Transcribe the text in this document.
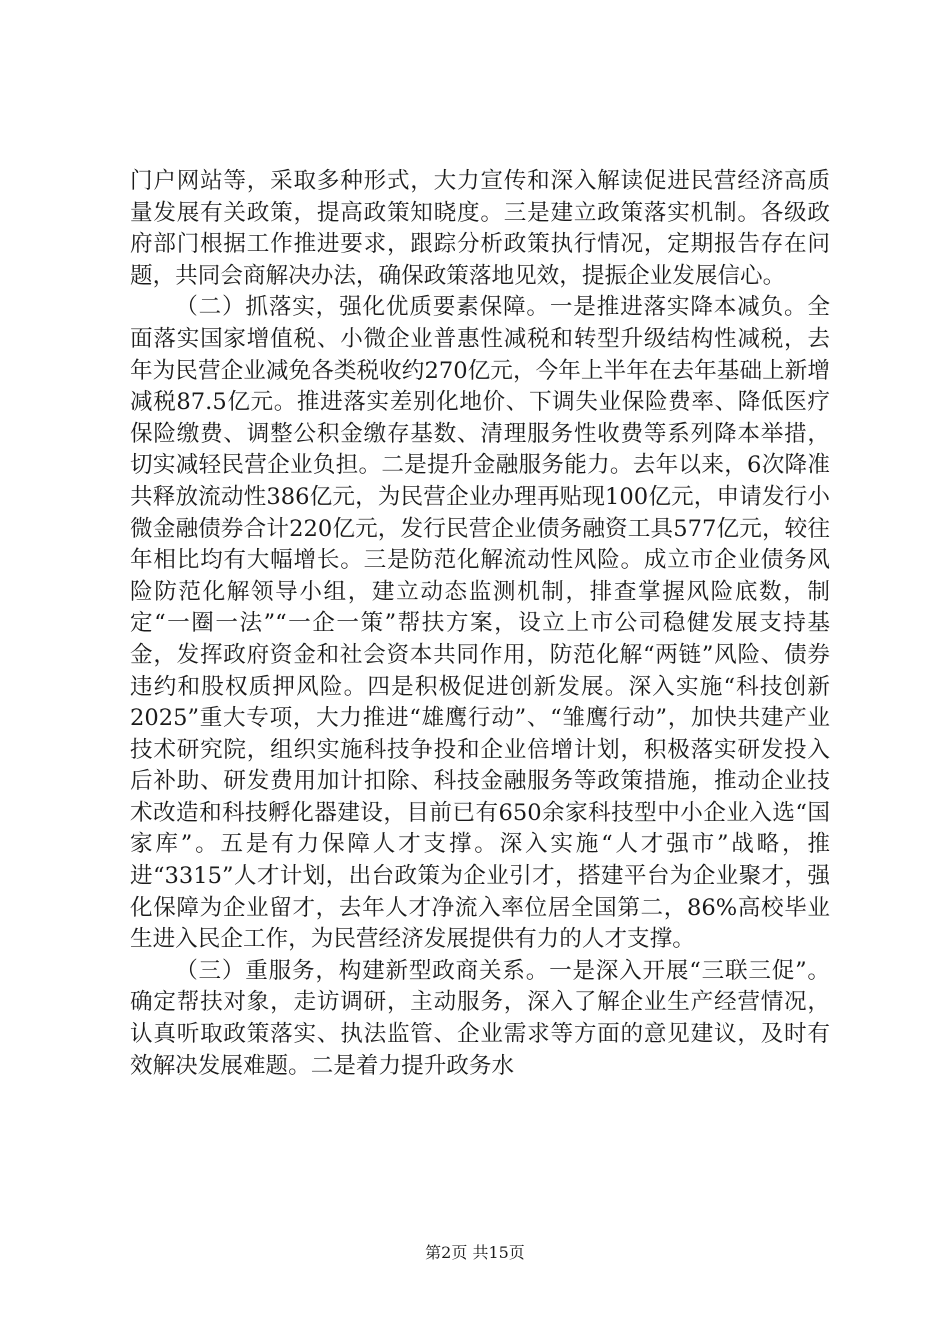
门户网站等，采取多种形式，大力宣传和深入解读促进民营经济高质量发展有关政策，提高政策知晓度。三是建立政策落实机制。各级政府部门根据工作推进要求，跟踪分析政策执行情况，定期报告存在问题，共同会商解决办法，确保政策落地见效，提振企业发展信心。

（二）抓落实，强化优质要素保障。一是推进落实降本减负。全面落实国家增值税、小微企业普惠性减税和转型升级结构性减税，去年为民营企业减免各类税收约270亿元，今年上半年在去年基础上新增减税87.5亿元。推进落实差别化地价、下调失业保险费率、降低医疗保险缴费、调整公积金缴存基数、清理服务性收费等系列降本举措，切实减轻民营企业负担。二是提升金融服务能力。去年以来，6次降准共释放流动性386亿元，为民营企业办理再贴现100亿元，申请发行小微金融债券合计220亿元，发行民营企业债务融资工具577亿元，较往年相比均有大幅增长。三是防范化解流动性风险。成立市企业债务风险防范化解领导小组，建立动态监测机制，排查掌握风险底数，制定“一圈一法”“一企一策”帮扶方案，设立上市公司稳健发展支持基金，发挥政府资金和社会资本共同作用，防范化解“两链”风险、债券违约和股权质押风险。四是积极促进创新发展。深入实施“科技创新2025”重大专项，大力推进“雄鹰行动”、“雏鹰行动”，加快共建产业技术研究院，组织实施科技争投和企业倍增计划，积极落实研发投入后补助、研发费用加计扣除、科技金融服务等政策措施，推动企业技术改造和科技孵化器建设，目前已有650余家科技型中小企业入选“国家库”。五是有力保障人才支撑。深入实施“人才强市”战略，推进“3315”人才计划，出台政策为企业引才，搭建平台为企业聚才，强化保障为企业留才，去年人才净流入率位居全国第二，86%高校毕业生进入民企工作，为民营经济发展提供有力的人才支撑。

（三）重服务，构建新型政商关系。一是深入开展“三联三促”。确定帮扶对象，走访调研，主动服务，深入了解企业生产经营情况，认真听取政策落实、执法监管、企业需求等方面的意见建议，及时有效解决发展难题。二是着力提升政务水

第2页 共15页
